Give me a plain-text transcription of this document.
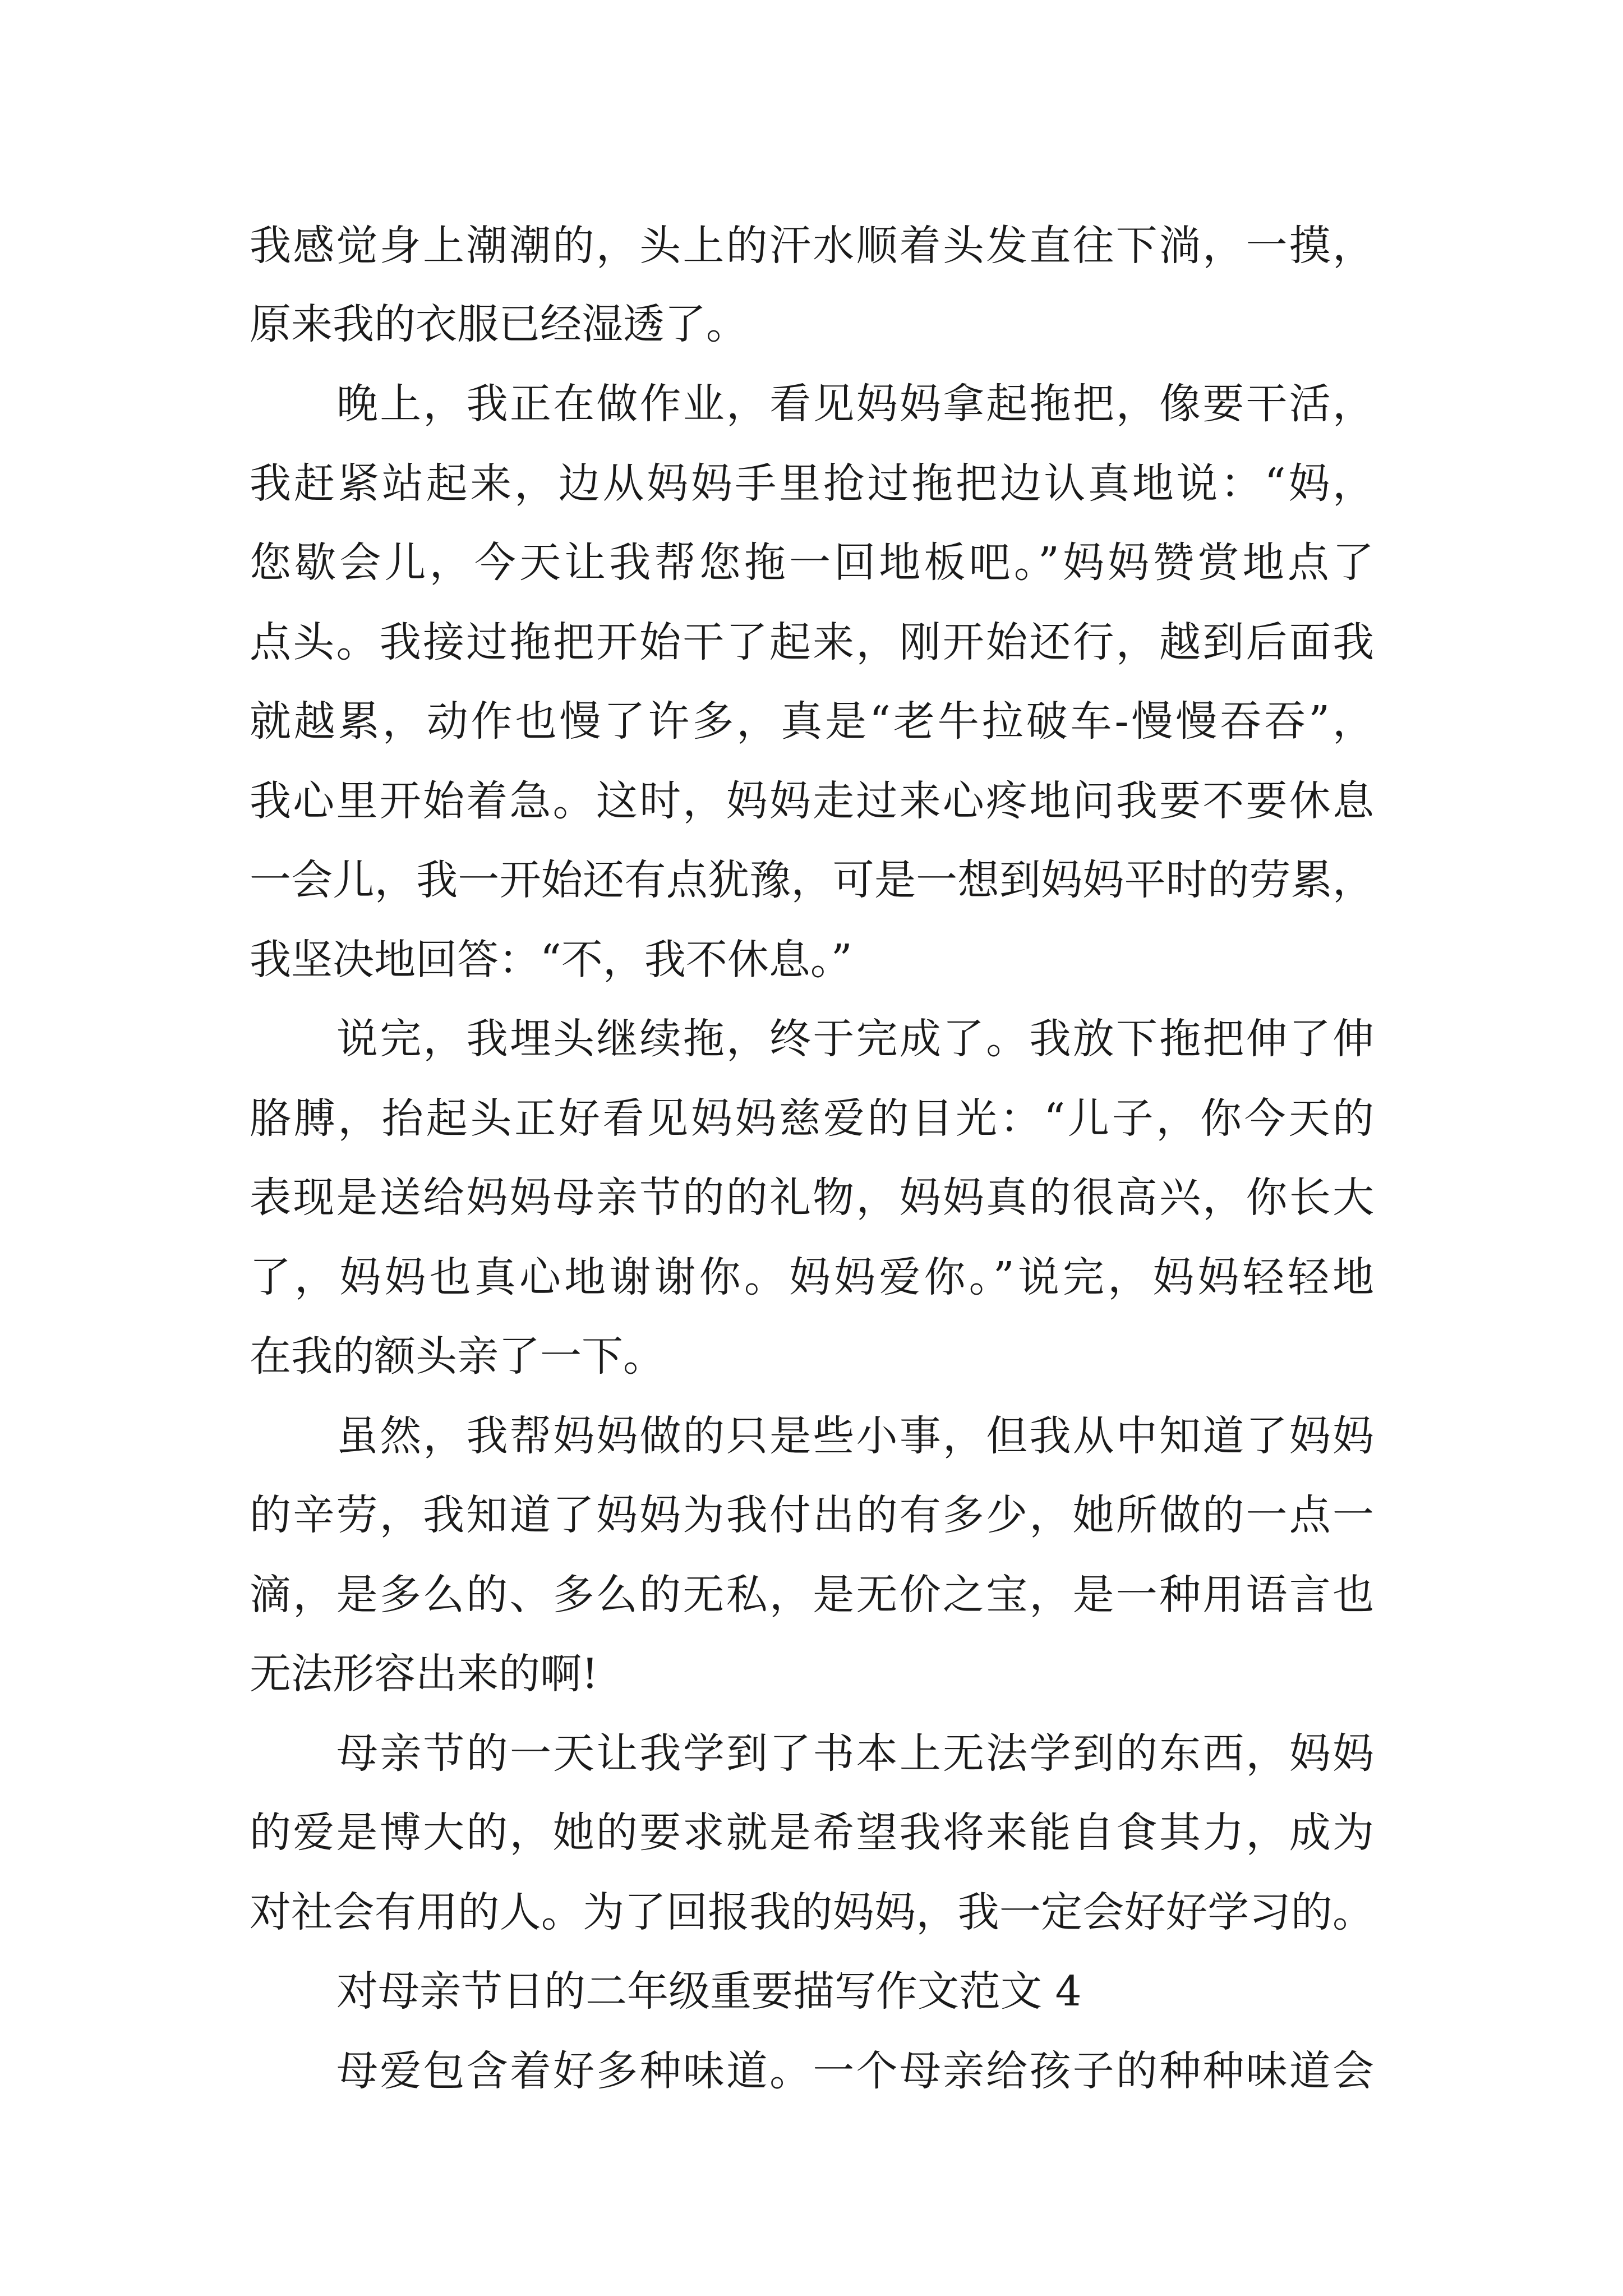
我感觉身上潮潮的，头上的汗水顺着头发直往下淌，一摸，
原来我的衣服已经湿透了。
晚上，我正在做作业，看见妈妈拿起拖把，像要干活，
我赶紧站起来，边从妈妈手里抢过拖把边认真地说：“妈，
您歇会儿，今天让我帮您拖一回地板吧。”妈妈赞赏地点了
点头。我接过拖把开始干了起来，刚开始还行，越到后面我
就越累，动作也慢了许多，真是“老牛拉破车-慢慢吞吞”，
我心里开始着急。这时，妈妈走过来心疼地问我要不要休息
一会儿，我一开始还有点犹豫，可是一想到妈妈平时的劳累，
我坚决地回答：“不，我不休息。”
说完，我埋头继续拖，终于完成了。我放下拖把伸了伸
胳膊，抬起头正好看见妈妈慈爱的目光：“儿子，你今天的
表现是送给妈妈母亲节的的礼物，妈妈真的很高兴，你长大
了，妈妈也真心地谢谢你。妈妈爱你。”说完，妈妈轻轻地
在我的额头亲了一下。
虽然，我帮妈妈做的只是些小事，但我从中知道了妈妈
的辛劳，我知道了妈妈为我付出的有多少，她所做的一点一
滴，是多么的、多么的无私，是无价之宝，是一种用语言也
无法形容出来的啊!
母亲节的一天让我学到了书本上无法学到的东西，妈妈
的爱是博大的，她的要求就是希望我将来能自食其力，成为
对社会有用的人。为了回报我的妈妈，我一定会好好学习的。
对母亲节日的二年级重要描写作文范文 4
母爱包含着好多种味道。一个母亲给孩子的种种味道会
